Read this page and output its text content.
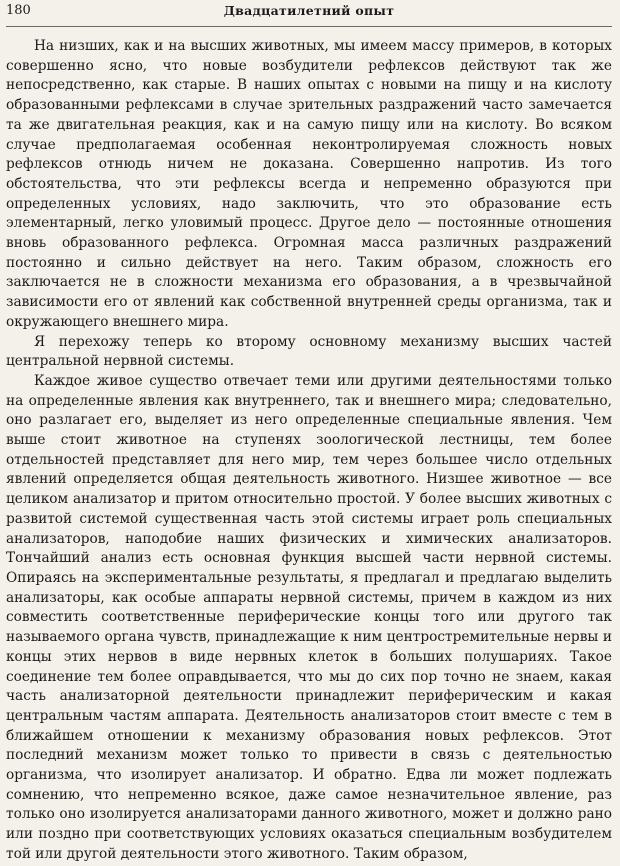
180	Двадцатилетний опыт

На низших, как и на высших животных, мы имеем массу примеров, в которых совершенно ясно, что новые возбудители рефлексов действуют так же непосредственно, как старые. В наших опытах с новыми на пищу и на кислоту образованными рефлексами в случае зрительных раздражений часто замечается та же двигательная реакция, как и на самую пищу или на кислоту. Во всяком случае предполагаемая особенная неконтролируемая сложность новых рефлексов отнюдь ничем не доказана. Совершенно напротив. Из того обстоятельства, что эти рефлексы всегда и непременно образуются при определенных условиях, надо заключить, что это образование есть элементарный, легко уловимый процесс. Другое дело — постоянные отношения вновь образованного рефлекса. Огромная масса различных раздражений постоянно и сильно действует на него. Таким образом, сложность его заключается не в сложности механизма его образования, а в чрезвычайной зависимости его от явлений как собственной внутренней среды организма, так и окружающего внешнего мира.

Я перехожу теперь ко второму основному механизму высших частей центральной нервной системы.

Каждое живое существо отвечает теми или другими деятельностями только на определенные явления как внутреннего, так и внешнего мира; следовательно, оно разлагает его, выделяет из него определенные специальные явления. Чем выше стоит животное на ступенях зоологической лестницы, тем более отдельностей представляет для него мир, тем через большее число отдельных явлений определяется общая деятельность животного. Низшее животное — все целиком анализатор и притом относительно простой. У более высших животных с развитой системой существенная часть этой системы играет роль специальных анализаторов, наподобие наших физических и химических анализаторов. Тончайший анализ есть основная функция высшей части нервной системы. Опираясь на экспериментальные результаты, я предлагал и предлагаю выделить анализаторы, как особые аппараты нервной системы, причем в каждом из них совместить соответственные периферические концы того или другого так называемого органа чувств, принадлежащие к ним центростремительные нервы и концы этих нервов в виде нервных клеток в больших полушариях. Такое соединение тем более оправдывается, что мы до сих пор точно не знаем, какая часть анализаторной деятельности принадлежит периферическим и какая центральным частям аппарата. Деятельность анализаторов стоит вместе с тем в ближайшем отношении к механизму образования новых рефлексов. Этот последний механизм может только то привести в связь с деятельностью организма, что изолирует анализатор. И обратно. Едва ли может подлежать сомнению, что непременно всякое, даже самое незначительное явление, раз только оно изолируется анализаторами данного животного, может и должно рано или поздно при соответствующих условиях оказаться специальным возбудителем той или другой деятельности этого животного. Таким образом,
